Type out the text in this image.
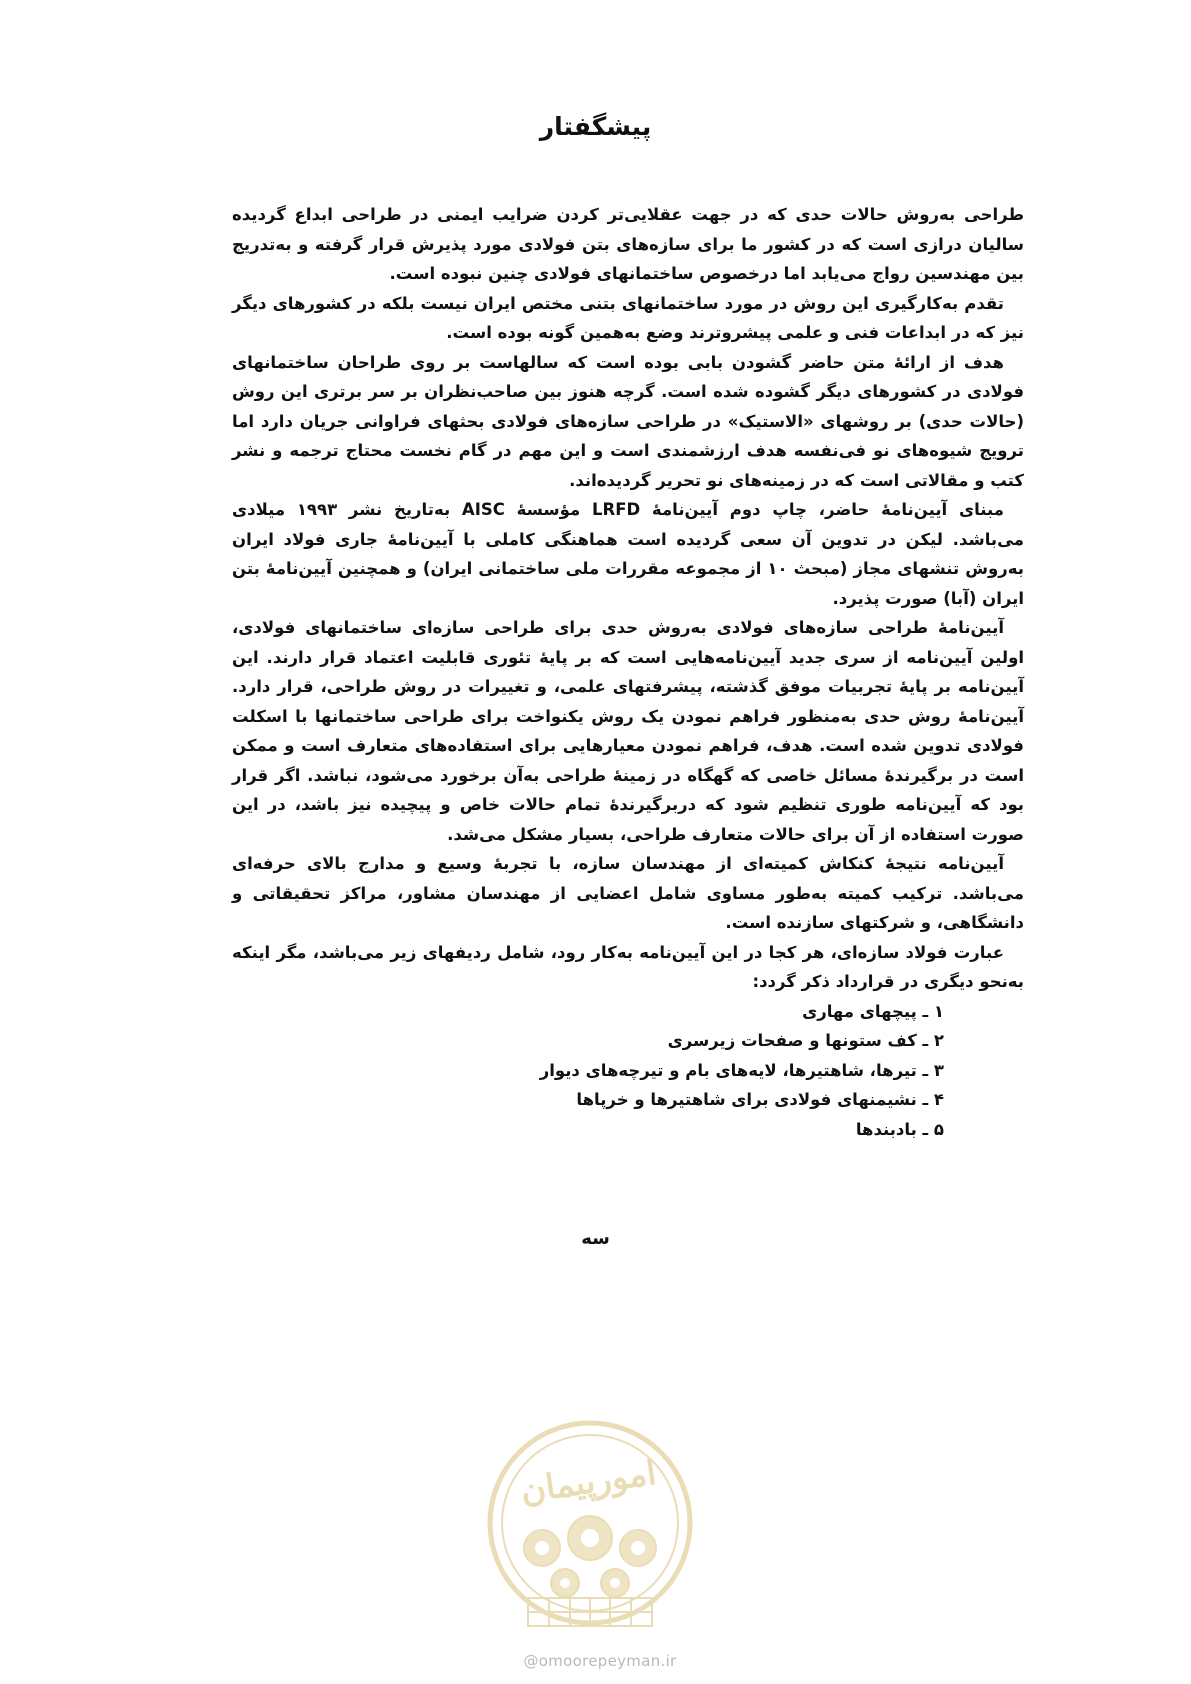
پیشگفتار

طراحی به‌روش حالات حدی که در جهت عقلایی‌تر کردن ضرایب ایمنی در طراحی ابداع گردیده سالیان درازی است که در کشور ما برای سازه‌های بتن فولادی مورد پذیرش قرار گرفته و به‌تدریج بین مهندسین رواج می‌یابد اما درخصوص ساختمانهای فولادی چنین نبوده است.

تقدم به‌کارگیری این روش در مورد ساختمانهای بتنی مختص ایران نیست بلکه در کشورهای دیگر نیز که در ابداعات فنی و علمی پیشروترند وضع به‌همین گونه بوده است.

هدف از ارائهٔ متن حاضر گشودن بابی بوده است که سالهاست بر روی طراحان ساختمانهای فولادی در کشورهای دیگر گشوده شده است. گرچه هنوز بین صاحب‌نظران بر سر برتری این روش (حالات حدی) بر روشهای «الاستیک» در طراحی سازه‌های فولادی بحثهای فراوانی جریان دارد اما ترویج شیوه‌های نو فی‌نفسه هدف ارزشمندی است و این مهم در گام نخست محتاج ترجمه و نشر کتب و مقالاتی است که در زمینه‌های نو تحریر گردیده‌اند.

مبنای آیین‌نامهٔ حاضر، چاپ دوم آیین‌نامهٔ LRFD مؤسسهٔ AISC به‌تاریخ نشر ۱۹۹۳ میلادی می‌باشد. لیکن در تدوین آن سعی گردیده است هماهنگی کاملی با آیین‌نامهٔ جاری فولاد ایران به‌روش تنشهای مجاز (مبحث ۱۰ از مجموعه مقررات ملی ساختمانی ایران) و همچنین آیین‌نامهٔ بتن ایران (آبا) صورت پذیرد.

آیین‌نامهٔ طراحی سازه‌های فولادی به‌روش حدی برای طراحی سازه‌ای ساختمانهای فولادی، اولین آیین‌نامه از سری جدید آیین‌نامه‌هایی است که بر پایهٔ تئوری قابلیت اعتماد قرار دارند. این آیین‌نامه بر پایهٔ تجربیات موفق گذشته، پیشرفتهای علمی، و تغییرات در روش طراحی، قرار دارد. آیین‌نامهٔ روش حدی به‌منظور فراهم نمودن یک روش یکنواخت برای طراحی ساختمانها با اسکلت فولادی تدوین شده است. هدف، فراهم نمودن معیارهایی برای استفاده‌های متعارف است و ممکن است در برگیرندهٔ مسائل خاصی که گهگاه در زمینهٔ طراحی به‌آن برخورد می‌شود، نباشد. اگر قرار بود که آیین‌نامه طوری تنظیم شود که دربرگیرندهٔ تمام حالات خاص و پیچیده نیز باشد، در این صورت استفاده از آن برای حالات متعارف طراحی، بسیار مشکل می‌شد.

آیین‌نامه نتیجهٔ کنکاش کمیته‌ای از مهندسان سازه، با تجربهٔ وسیع و مدارج بالای حرفه‌ای می‌باشد. ترکیب کمیته به‌طور مساوی شامل اعضایی از مهندسان مشاور، مراکز تحقیقاتی و دانشگاهی، و شرکتهای سازنده است.

عبارت فولاد سازه‌ای، هر کجا در این آیین‌نامه به‌کار رود، شامل ردیفهای زیر می‌باشد، مگر اینکه به‌نحو دیگری در قرارداد ذکر گردد:

۱ ـ پیچهای مهاری
۲ ـ کف ستونها و صفحات زیرسری
۳ ـ تیرها، شاهتیرها، لایه‌های بام و تیرچه‌های دیوار
۴ ـ نشیمنهای فولادی برای شاهتیرها و خرپاها
۵ ـ بادبندها
سه
امورپیمان
@omoorepeyman.ir
